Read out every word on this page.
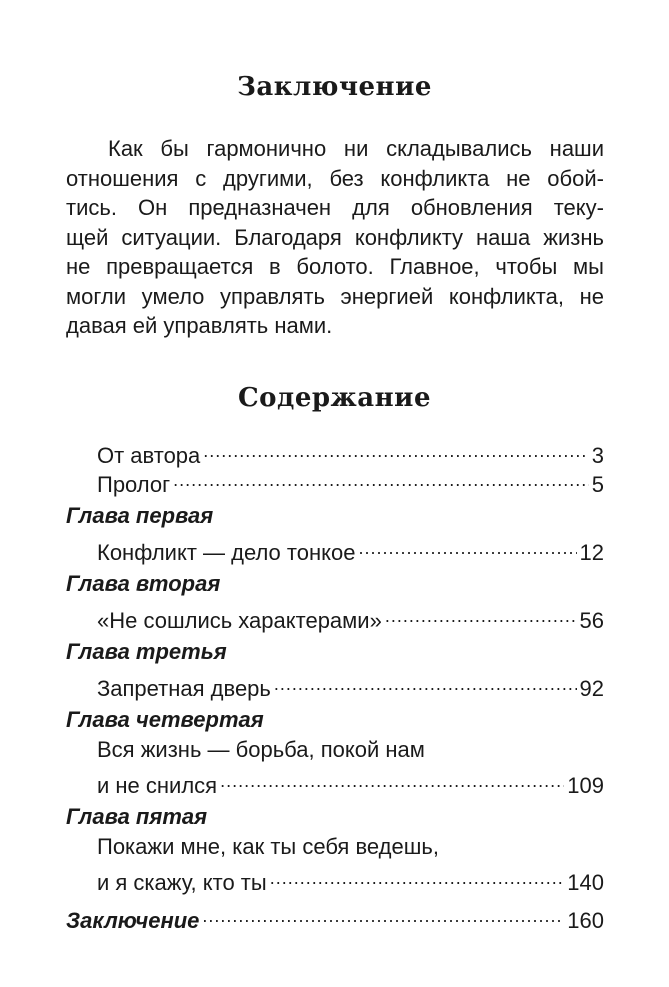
Заключение

Как бы гармонично ни складывались наши
отношения с другими, без конфликта не обой-
тись. Он предназначен для обновления теку-
щей ситуации. Благодаря конфликту наша жизнь
не превращается в болото. Главное, чтобы мы
могли умело управлять энергией конфликта, не
давая ей управлять нами.

Содержание
От автора .....	3
Пролог .....	5
Глава первая
Конфликт — дело тонкое .....	12
Глава вторая
«Не сошлись характерами» .....	56
Глава третья
Запретная дверь .....	92
Глава четвертая
Вся жизнь — борьба, покой нам
и не снился .....	109
Глава пятая
Покажи мне, как ты себя ведешь,
и я скажу, кто ты .....	140
Заключение .....	160
